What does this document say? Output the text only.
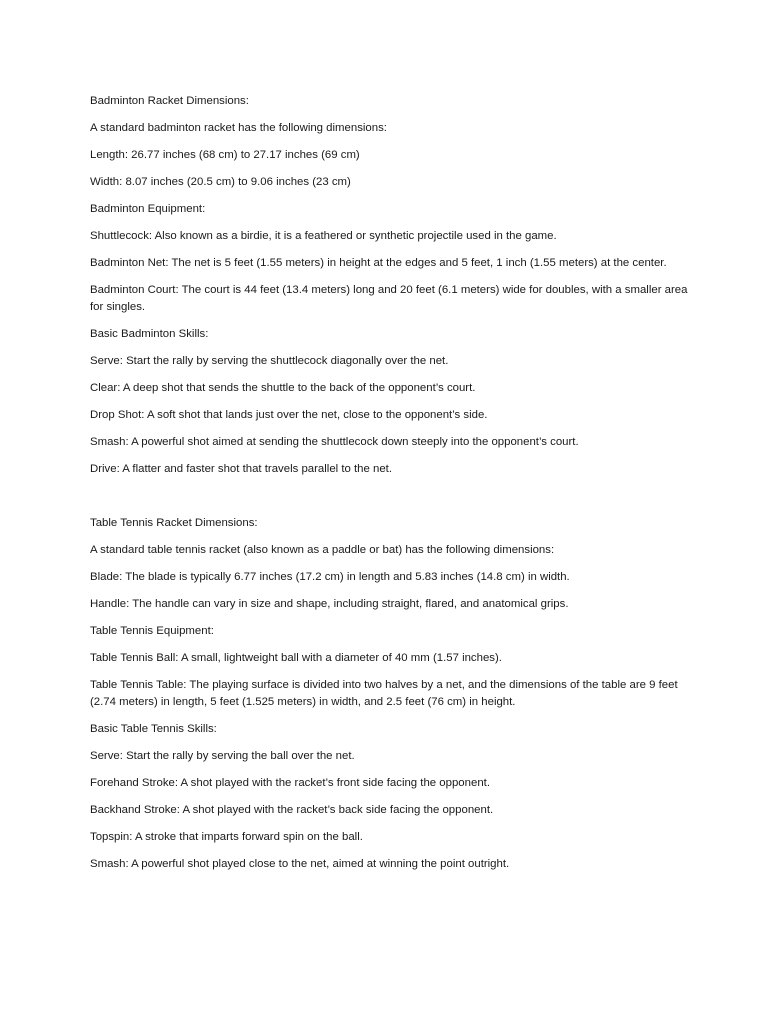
Badminton Racket Dimensions:

A standard badminton racket has the following dimensions:

Length: 26.77 inches (68 cm) to 27.17 inches (69 cm)

Width: 8.07 inches (20.5 cm) to 9.06 inches (23 cm)

Badminton Equipment:

Shuttlecock: Also known as a birdie, it is a feathered or synthetic projectile used in the game.

Badminton Net: The net is 5 feet (1.55 meters) in height at the edges and 5 feet, 1 inch (1.55 meters) at the center.

Badminton Court: The court is 44 feet (13.4 meters) long and 20 feet (6.1 meters) wide for doubles, with a smaller area for singles.

Basic Badminton Skills:

Serve: Start the rally by serving the shuttlecock diagonally over the net.

Clear: A deep shot that sends the shuttle to the back of the opponent’s court.

Drop Shot: A soft shot that lands just over the net, close to the opponent’s side.

Smash: A powerful shot aimed at sending the shuttlecock down steeply into the opponent’s court.

Drive: A flatter and faster shot that travels parallel to the net.

Table Tennis Racket Dimensions:

A standard table tennis racket (also known as a paddle or bat) has the following dimensions:

Blade: The blade is typically 6.77 inches (17.2 cm) in length and 5.83 inches (14.8 cm) in width.

Handle: The handle can vary in size and shape, including straight, flared, and anatomical grips.

Table Tennis Equipment:

Table Tennis Ball: A small, lightweight ball with a diameter of 40 mm (1.57 inches).

Table Tennis Table: The playing surface is divided into two halves by a net, and the dimensions of the table are 9 feet (2.74 meters) in length, 5 feet (1.525 meters) in width, and 2.5 feet (76 cm) in height.

Basic Table Tennis Skills:

Serve: Start the rally by serving the ball over the net.

Forehand Stroke: A shot played with the racket’s front side facing the opponent.

Backhand Stroke: A shot played with the racket’s back side facing the opponent.

Topspin: A stroke that imparts forward spin on the ball.

Smash: A powerful shot played close to the net, aimed at winning the point outright.
